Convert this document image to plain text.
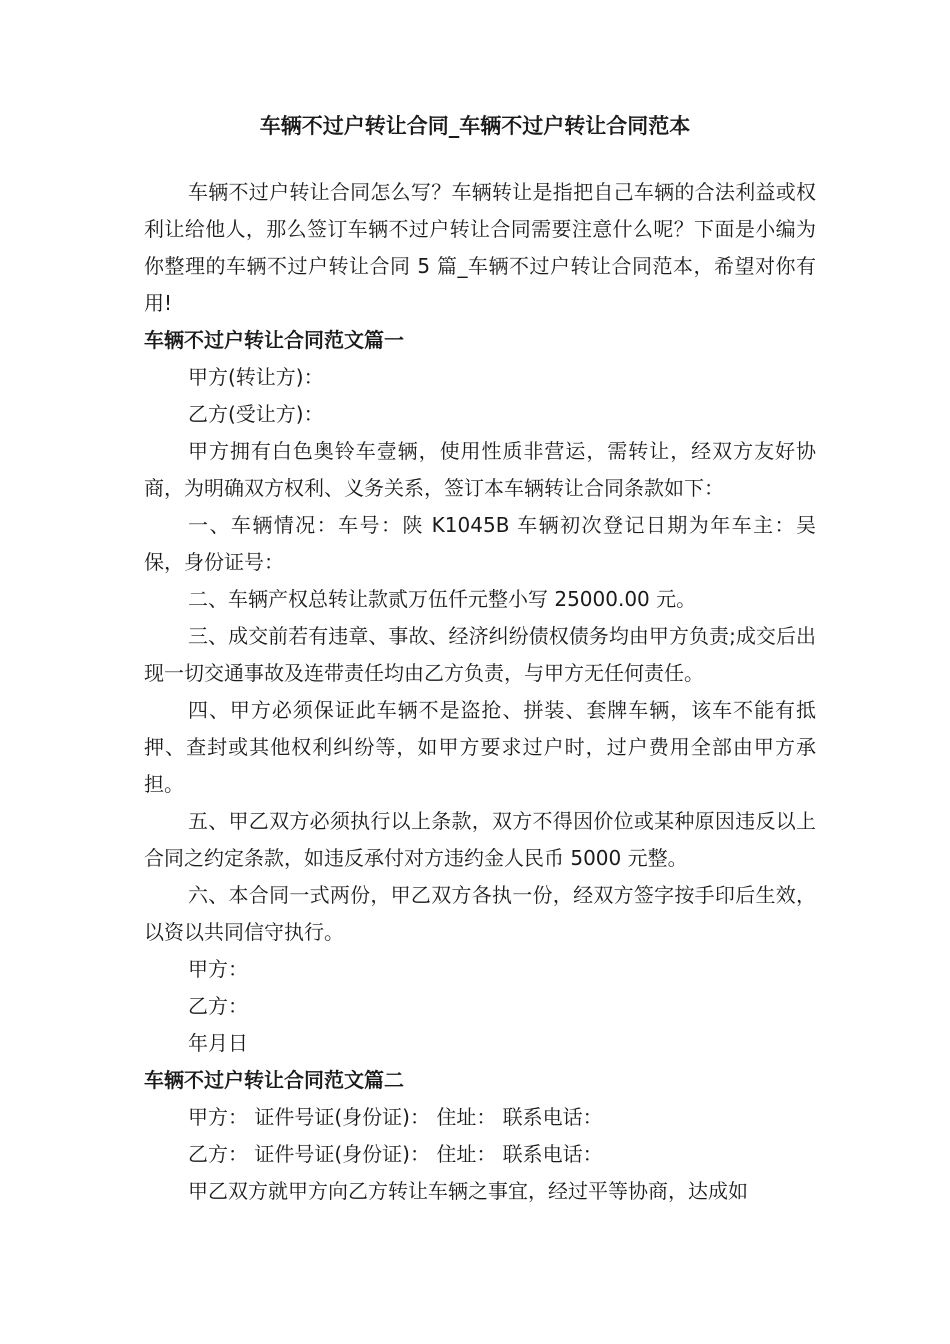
车辆不过户转让合同_车辆不过户转让合同范本

车辆不过户转让合同怎么写？车辆转让是指把自己车辆的合法利益或权利让给他人，那么签订车辆不过户转让合同需要注意什么呢？下面是小编为你整理的车辆不过户转让合同 5 篇_车辆不过户转让合同范本，希望对你有用!

车辆不过户转让合同范文篇一

甲方(转让方)：

乙方(受让方)：

甲方拥有白色奥铃车壹辆，使用性质非营运，需转让，经双方友好协商，为明确双方权利、义务关系，签订本车辆转让合同条款如下：

一、车辆情况：车号：陕 K1045B 车辆初次登记日期为年车主：吴保，身份证号：

二、车辆产权总转让款贰万伍仟元整小写 25000.00 元。

三、成交前若有违章、事故、经济纠纷债权债务均由甲方负责;成交后出现一切交通事故及连带责任均由乙方负责，与甲方无任何责任。

四、甲方必须保证此车辆不是盗抢、拼装、套牌车辆，该车不能有抵押、查封或其他权利纠纷等，如甲方要求过户时，过户费用全部由甲方承担。

五、甲乙双方必须执行以上条款，双方不得因价位或某种原因违反以上合同之约定条款，如违反承付对方违约金人民币 5000 元整。

六、本合同一式两份，甲乙双方各执一份，经双方签字按手印后生效，以资以共同信守执行。

甲方：

乙方：

年月日

车辆不过户转让合同范文篇二

甲方： 证件号证(身份证)： 住址： 联系电话：

乙方： 证件号证(身份证)： 住址： 联系电话：

甲乙双方就甲方向乙方转让车辆之事宜，经过平等协商，达成如
